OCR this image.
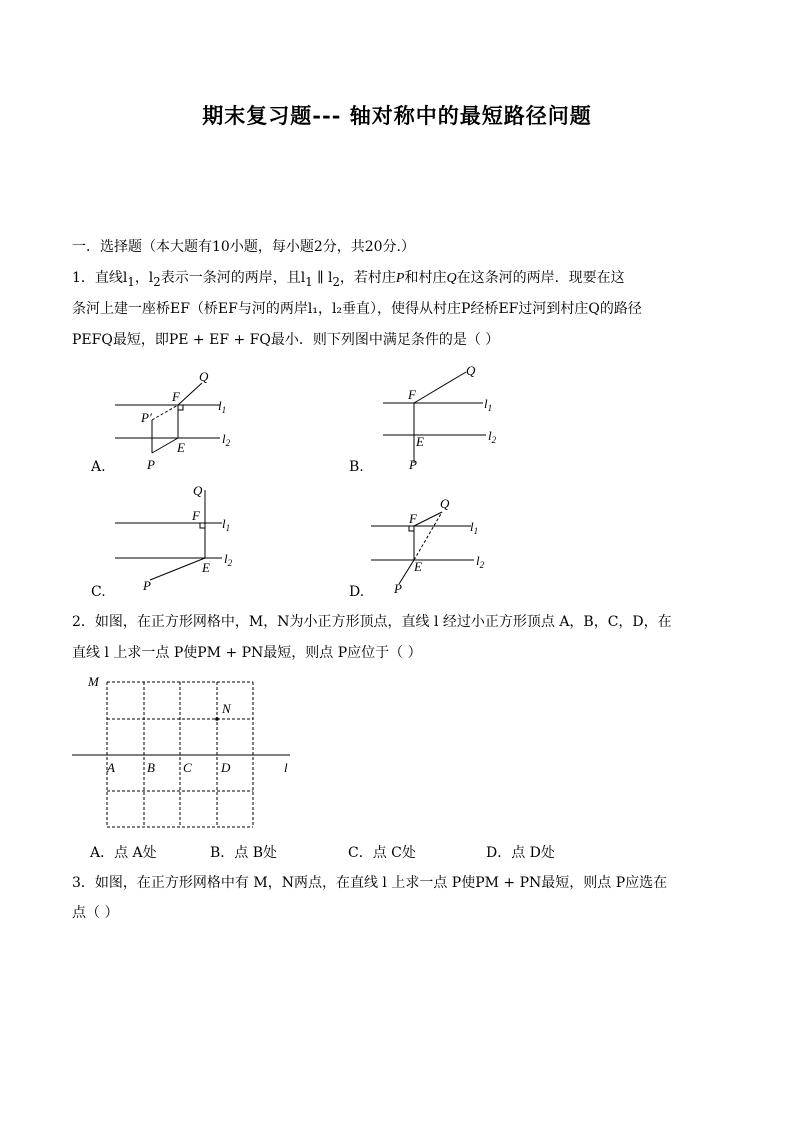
期末复习题--- 轴对称中的最短路径问题
一．选择题（本大题有10小题，每小题2分，共20分.）
1．直线$l_1$，$l_2$表示一条河的两岸，且$l_1$ ∥ $l_2$，若村庄P和村庄Q在这条河的两岸．现要在这
条河上建一座桥EF（桥EF与河的两岸l₁，l₂垂直），使得从村庄P经桥EF过河到村庄Q的路径
PEFQ最短，即PE + EF + FQ最小．则下列图中满足条件的是（ ）
Q
F
P′
E
P
$l_1$
$l_2$
A.
Q
F
E
P
$l_1$
$l_2$
B.
Q
F
E
P
$l_1$
$l_2$
C.
Q
F
E
P
$l_1$
$l_2$
D.
2．如图，在正方形网格中，M，N为小正方形顶点，直线 l 经过小正方形顶点 A，B，C，D，在
直线 l 上求一点 P使PM + PN最短，则点 P应位于（ ）
M
N
A B C D	l
A．点 A处	B．点 B处	C．点 C处	D．点 D处
3．如图，在正方形网格中有 M，N两点，在直线 l 上求一点 P使PM + PN最短，则点 P应选在
点（ ）
